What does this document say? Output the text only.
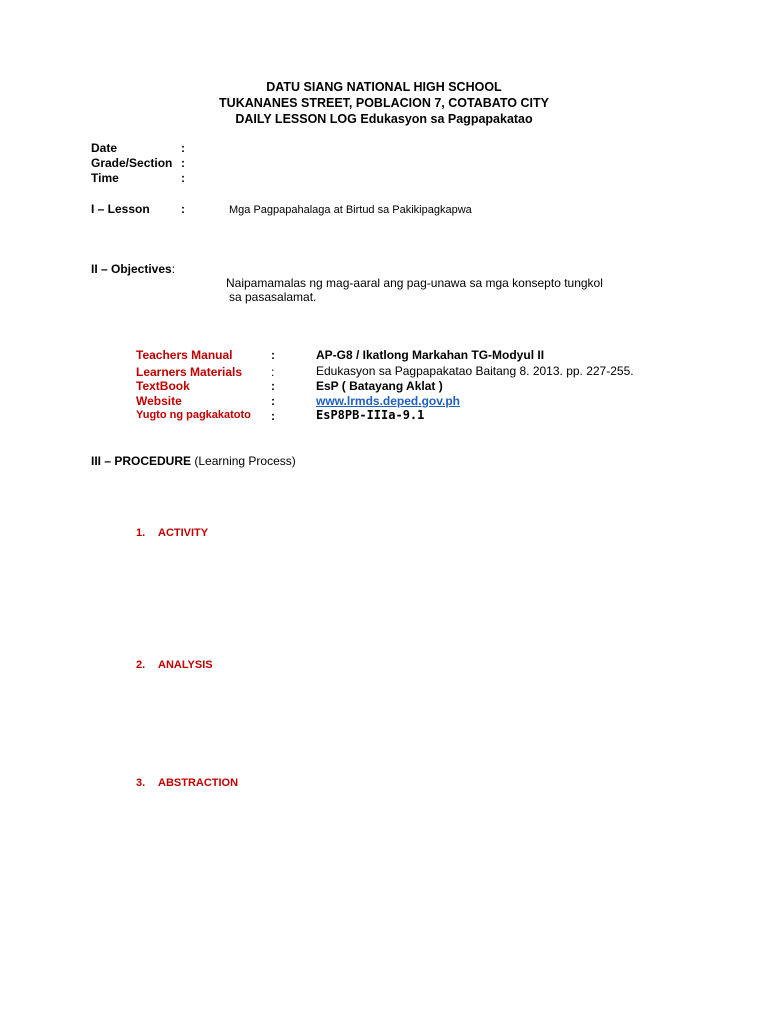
DATU SIANG NATIONAL HIGH SCHOOL
TUKANANES STREET, POBLACION 7, COTABATO CITY
DAILY LESSON LOG Edukasyon sa Pagpapakatao
Date	:
Grade/Section :
Time	:
I – Lesson	:	Mga Pagpapahalaga at Birtud sa Pakikipagkapwa
II – Objectives:
Naipamamalas ng mag-aaral ang pag-unawa sa mga konsepto tungkol
sa pasasalamat.
Teachers Manual	:	AP-G8 / Ikatlong Markahan TG-Modyul II
Learners Materials :	Edukasyon sa Pagpapakatao Baitang 8. 2013. pp. 227-255.
TextBook	:	EsP ( Batayang Aklat )
Website	:	www.lrmds.deped.gov.ph
Yugto ng pagkakatoto :	EsP8PB-IIIa-9.1
III – PROCEDURE (Learning Process)
1. ACTIVITY
2. ANALYSIS
3. ABSTRACTION
